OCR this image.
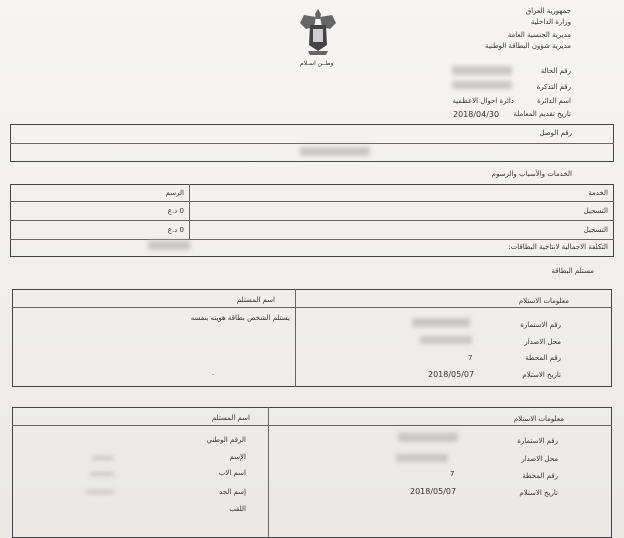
جمهورية العراق
وزارة الداخلية
مديرية الجنسية العامة
مديرية شؤون البطاقة الوطنية
وطــن اسـلام
رقم الحالة
رقم التذكرة
اسم الدائرة
دائرة احوال الاعظمية
تاريخ تقديم المعاملة
2018/04/30
رقم الوصل
الخدمات والأسباب والرسوم
الخدمة
الرسم
التسجيل
0 د.ع
التسجيل
0 د.ع
التكلفة الاجمالية لانتاجية البطاقات:
مستلم البطاقة
معلومات الاستلام
اسم المستلم
يستلم الشخص بطاقة هويته بنفسه
رقم الاستمارة
محل الاصدار
رقم المحطة
7
تاريخ الاستلام
2018/05/07
·
معلومات الاستلام
اسم المستلم
الرقم الوطني
الإسم
اسم الاب
إسم الجد
اللقب
رقم الاستمارة
محل الاصدار
رقم المحطة
7
تاريخ الاستلام
2018/05/07
